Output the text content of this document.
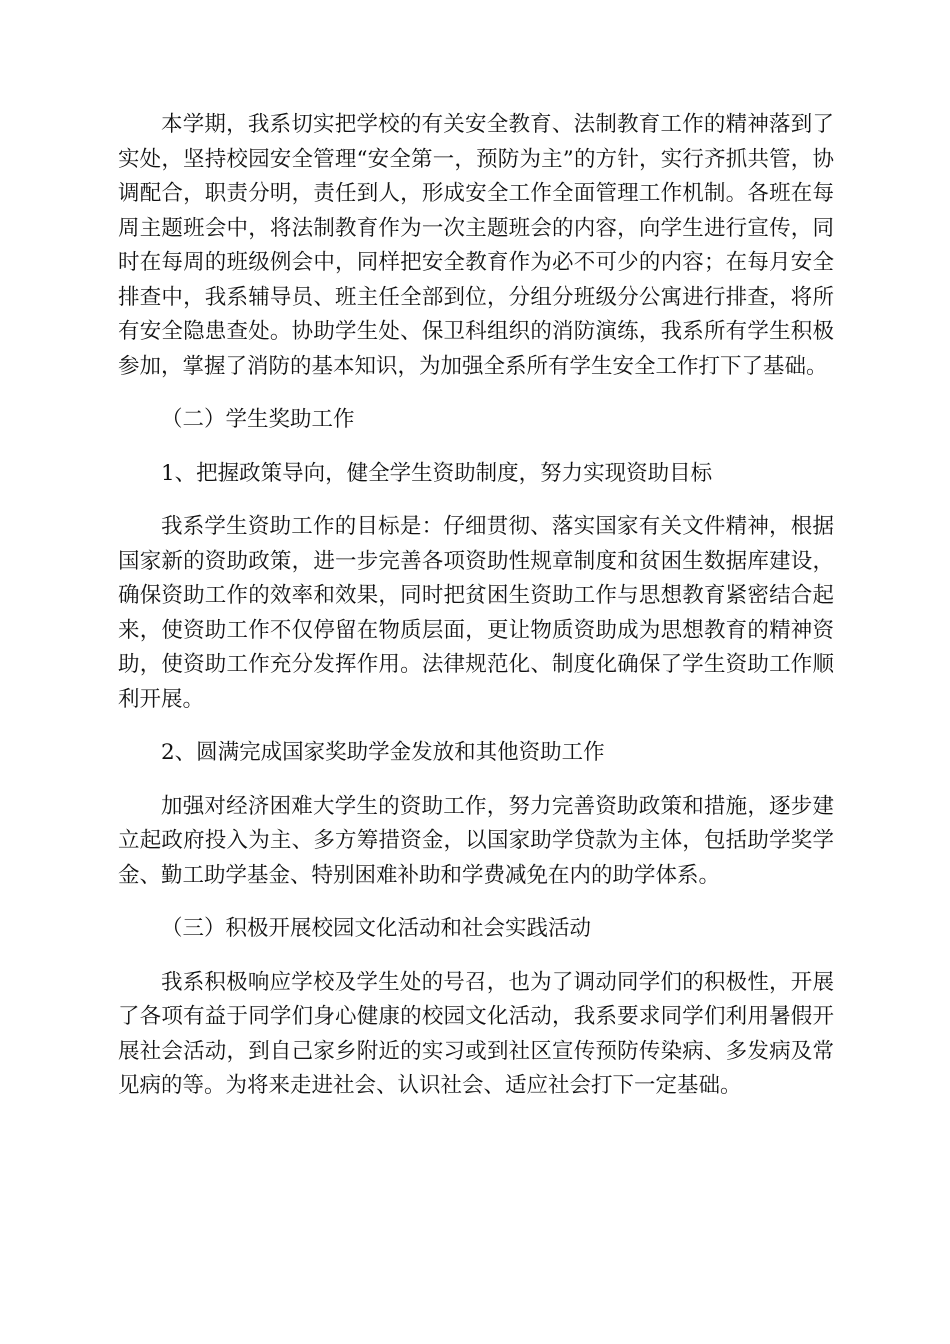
本学期，我系切实把学校的有关安全教育、法制教育工作的精神落到了实处，坚持校园安全管理“安全第一，预防为主”的方针，实行齐抓共管，协调配合，职责分明，责任到人，形成安全工作全面管理工作机制。各班在每周主题班会中，将法制教育作为一次主题班会的内容，向学生进行宣传，同时在每周的班级例会中，同样把安全教育作为必不可少的内容；在每月安全排查中，我系辅导员、班主任全部到位，分组分班级分公寓进行排查，将所有安全隐患查处。协助学生处、保卫科组织的消防演练，我系所有学生积极参加，掌握了消防的基本知识，为加强全系所有学生安全工作打下了基础。

（二）学生奖助工作

1、把握政策导向，健全学生资助制度，努力实现资助目标

我系学生资助工作的目标是：仔细贯彻、落实国家有关文件精神，根据国家新的资助政策，进一步完善各项资助性规章制度和贫困生数据库建设，确保资助工作的效率和效果，同时把贫困生资助工作与思想教育紧密结合起来，使资助工作不仅停留在物质层面，更让物质资助成为思想教育的精神资助，使资助工作充分发挥作用。法律规范化、制度化确保了学生资助工作顺利开展。

2、圆满完成国家奖助学金发放和其他资助工作

加强对经济困难大学生的资助工作，努力完善资助政策和措施，逐步建立起政府投入为主、多方筹措资金，以国家助学贷款为主体，包括助学奖学金、勤工助学基金、特别困难补助和学费减免在内的助学体系。

（三）积极开展校园文化活动和社会实践活动

我系积极响应学校及学生处的号召，也为了调动同学们的积极性，开展了各项有益于同学们身心健康的校园文化活动，我系要求同学们利用暑假开展社会活动，到自己家乡附近的实习或到社区宣传预防传染病、多发病及常见病的等。为将来走进社会、认识社会、适应社会打下一定基础。
